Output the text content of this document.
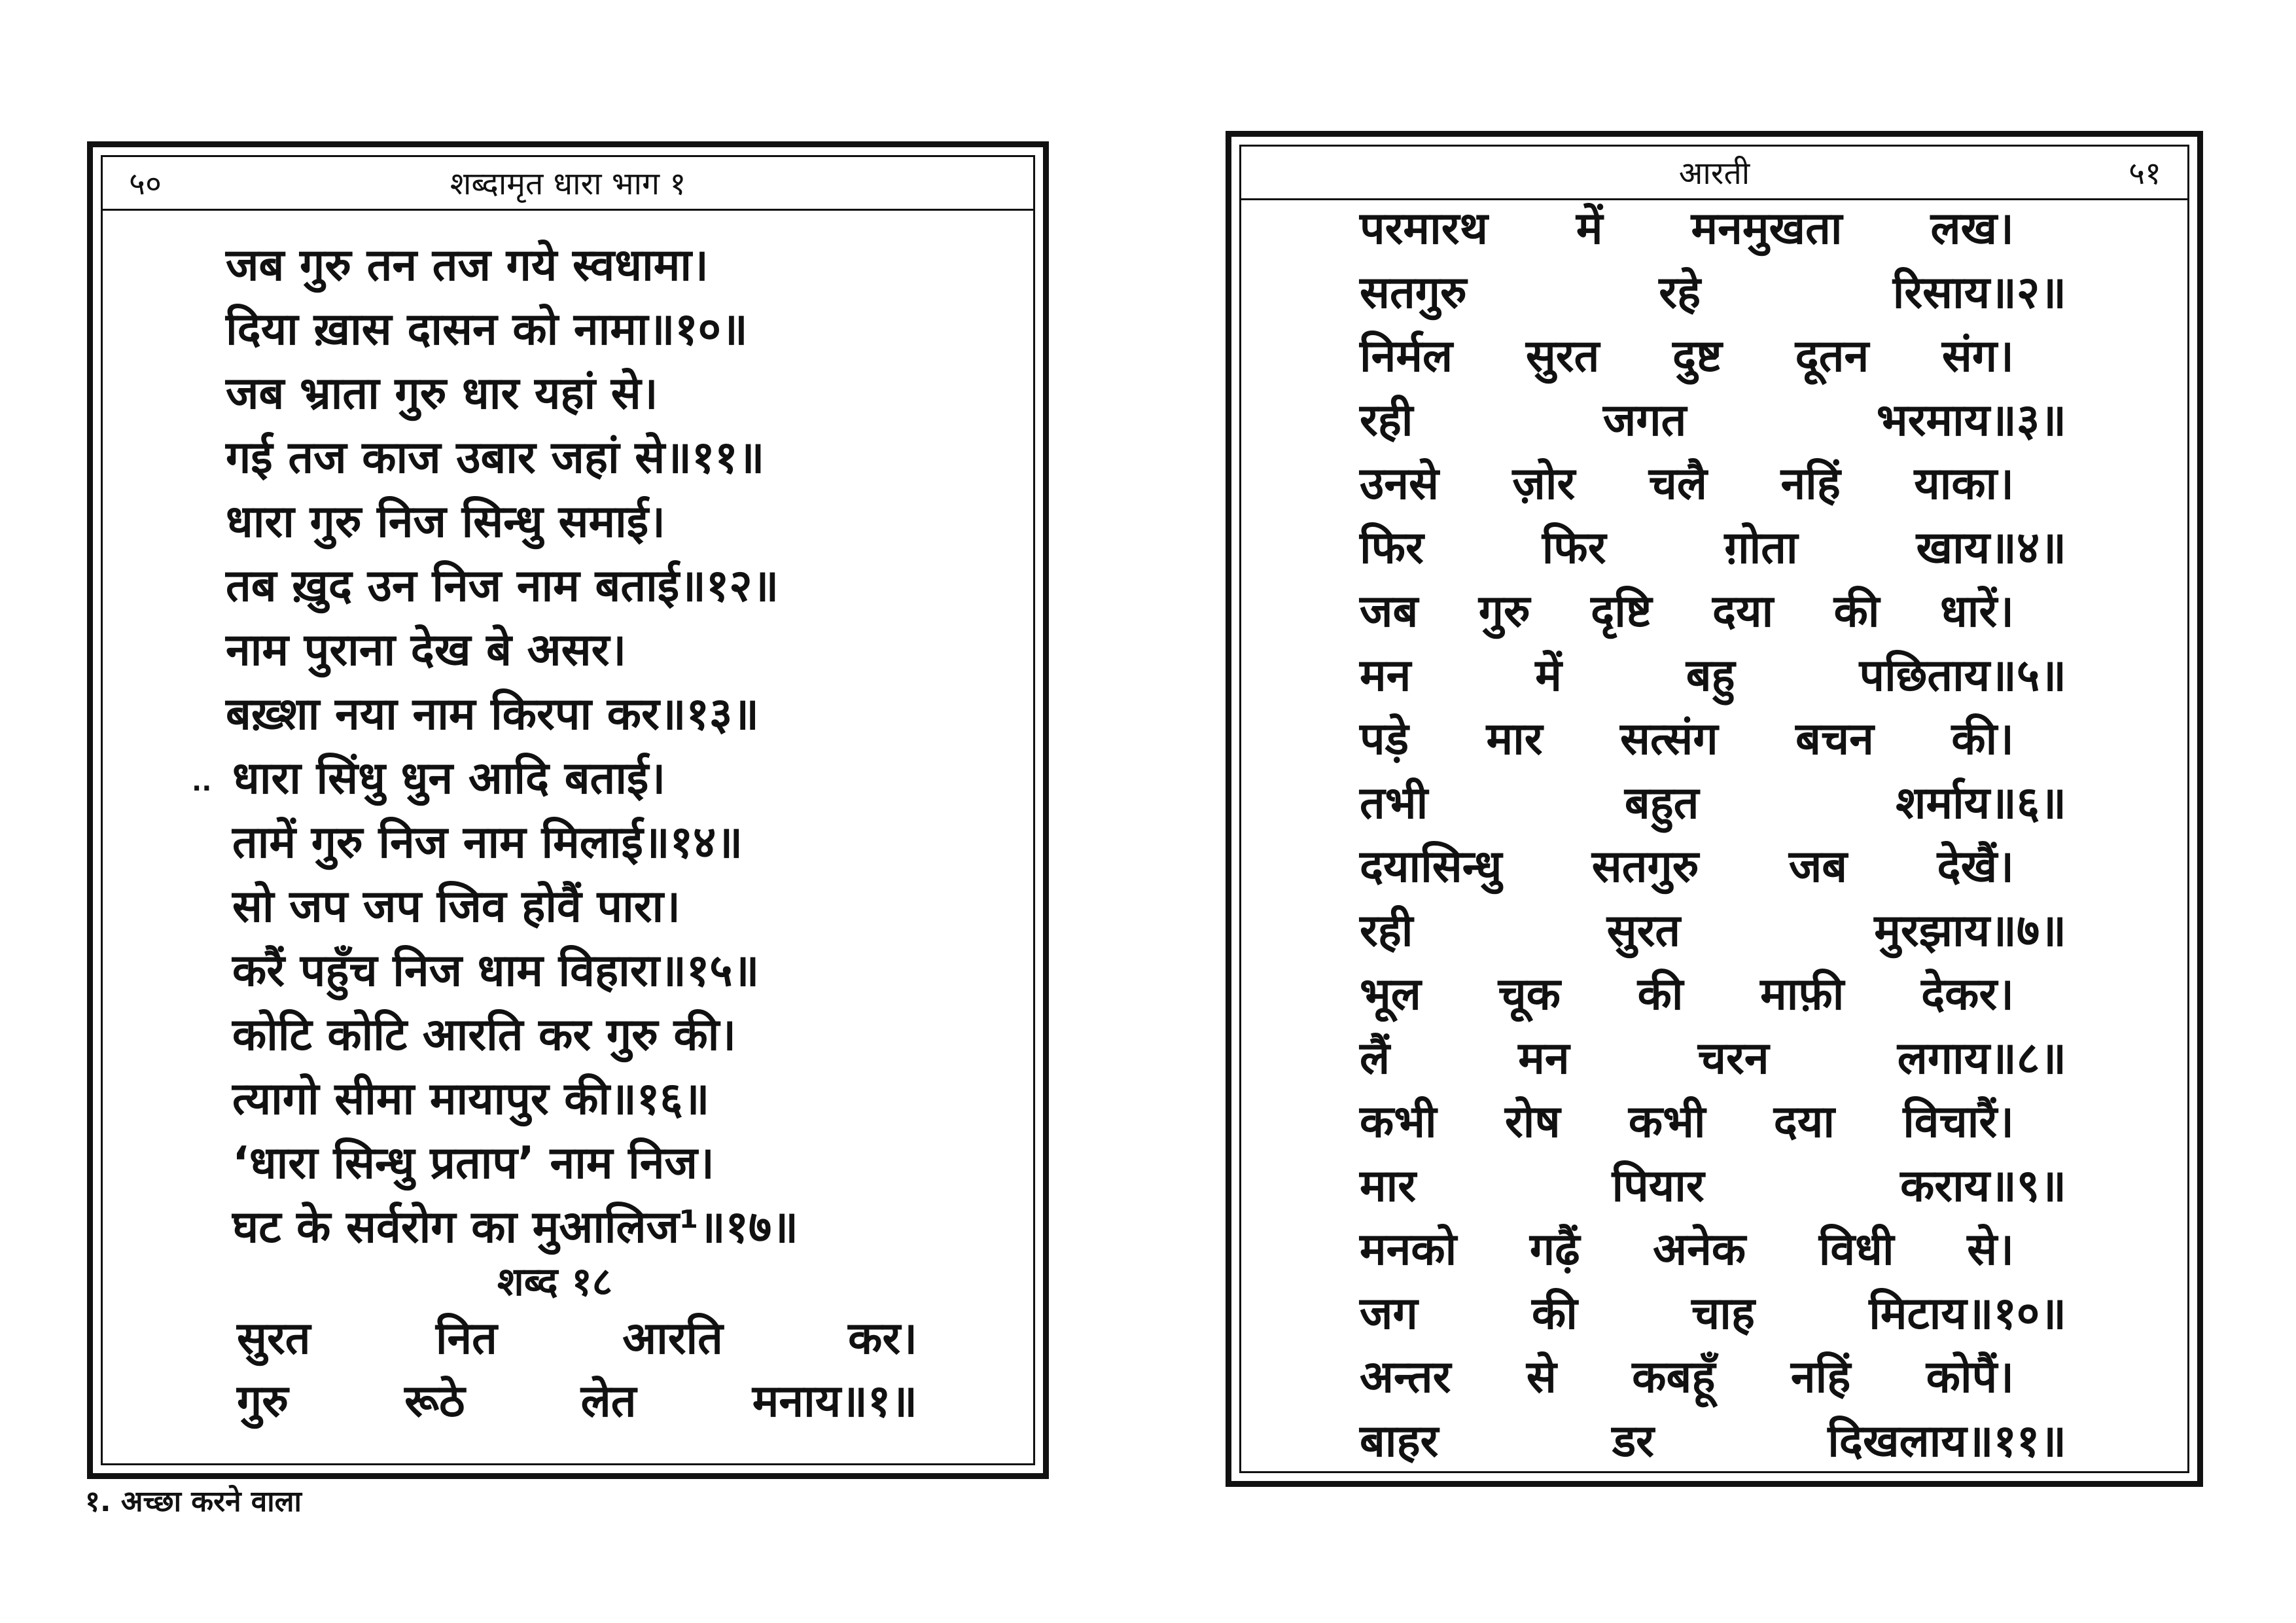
५०	शब्दामृत धारा भाग १
जब गुरु तन तज गये स्वधामा।
दिया ख़ास दासन को नामा॥१०॥
जब भ्राता गुरु धार यहां से।
गई तज काज उबार जहां से॥११॥
धारा गुरु निज सिन्धु समाई।
तब ख़ुद उन निज नाम बताई॥१२॥
नाम पुराना देख बे असर।
बख़्शा नया नाम किरपा कर॥१३॥
धारा सिंधु धुन आदि बताई।
तामें गुरु निज नाम मिलाई॥१४॥
सो जप जप जिव होवैं पारा।
करैं पहुँच निज धाम विहारा॥१५॥
कोटि कोटि आरति कर गुरु की।
त्यागो सीमा मायापुर की॥१६॥
‘धारा सिन्धु प्रताप’ नाम निज।
घट के सर्वरोग का मुआलिज¹॥१७॥
..
शब्द १८
सुरत	नित	आरति	कर।
गुरु	रूठे	लेत	मनाय॥१॥
१. अच्छा करने वाला
आरती	५१
परमारथ में मनमुखता लख।
सतगुरु	रहे	रिसाय॥२॥
निर्मल सुरत दुष्ट दूतन संग।
रही	जगत	भरमाय॥३॥
उनसे ज़ोर चलै नहिं याका।
फिर	फिर	ग़ोता	खाय॥४॥
जब गुरु दृष्टि दया की धारें।
मन	में	बहु	पछिताय॥५॥
पड़े मार सत्संग बचन की।
तभी	बहुत	शर्माय॥६॥
दयासिन्धु सतगुरु जब देखैं।
रही	सुरत	मुरझाय॥७॥
भूल चूक की माफ़ी देकर।
लैं	मन	चरन	लगाय॥८॥
कभी रोष कभी दया विचारैं।
मार	पियार	कराय॥९॥
मनको गढ़ैं अनेक विधी से।
जग	की	चाह	मिटाय॥१०॥
अन्तर से कबहूँ नहिं कोपैं।
बाहर	डर	दिखलाय॥११॥
